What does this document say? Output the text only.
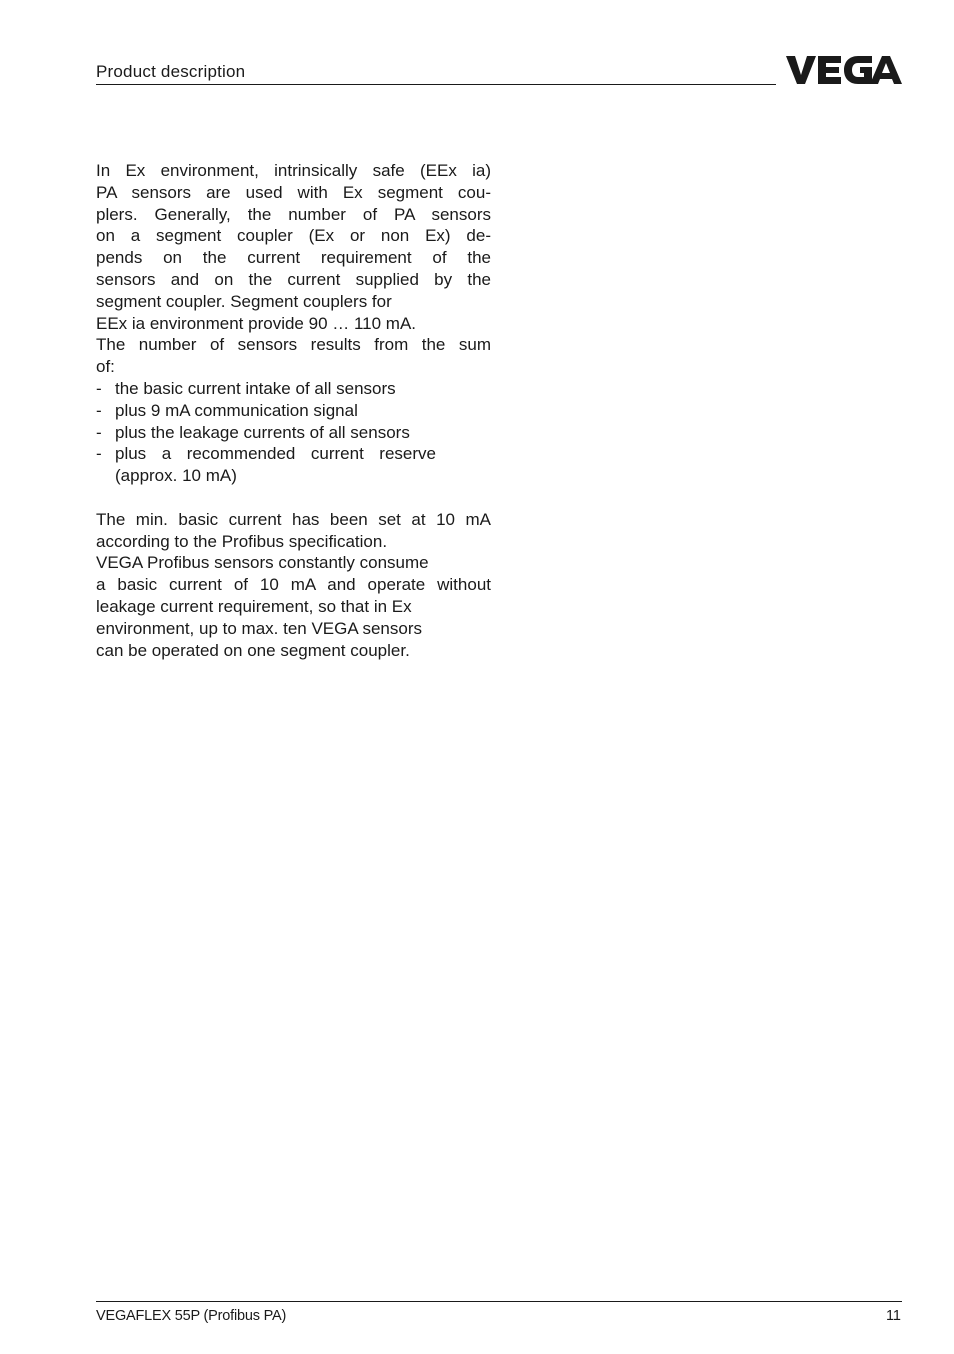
Product description
In Ex environment, intrinsically safe (EEx ia)
PA sensors are used with Ex segment cou-
plers. Generally, the number of PA sensors
on a segment coupler (Ex or non Ex) de-
pends on the current requirement of the
sensors and on the current supplied by the
segment coupler. Segment couplers for
EEx ia environment provide 90 … 110 mA.
The number of sensors results from the sum
of:
- the basic current intake of all sensors
- plus 9 mA communication signal
- plus the leakage currents of all sensors
- plus a recommended current reserve
(approx. 10 mA)
The min. basic current has been set at 10 mA
according to the Profibus specification.
VEGA Profibus sensors constantly consume
a basic current of 10 mA and operate without
leakage current requirement, so that in Ex
environment, up to max. ten VEGA sensors
can be operated on one segment coupler.
VEGAFLEX 55P (Profibus PA)	11
